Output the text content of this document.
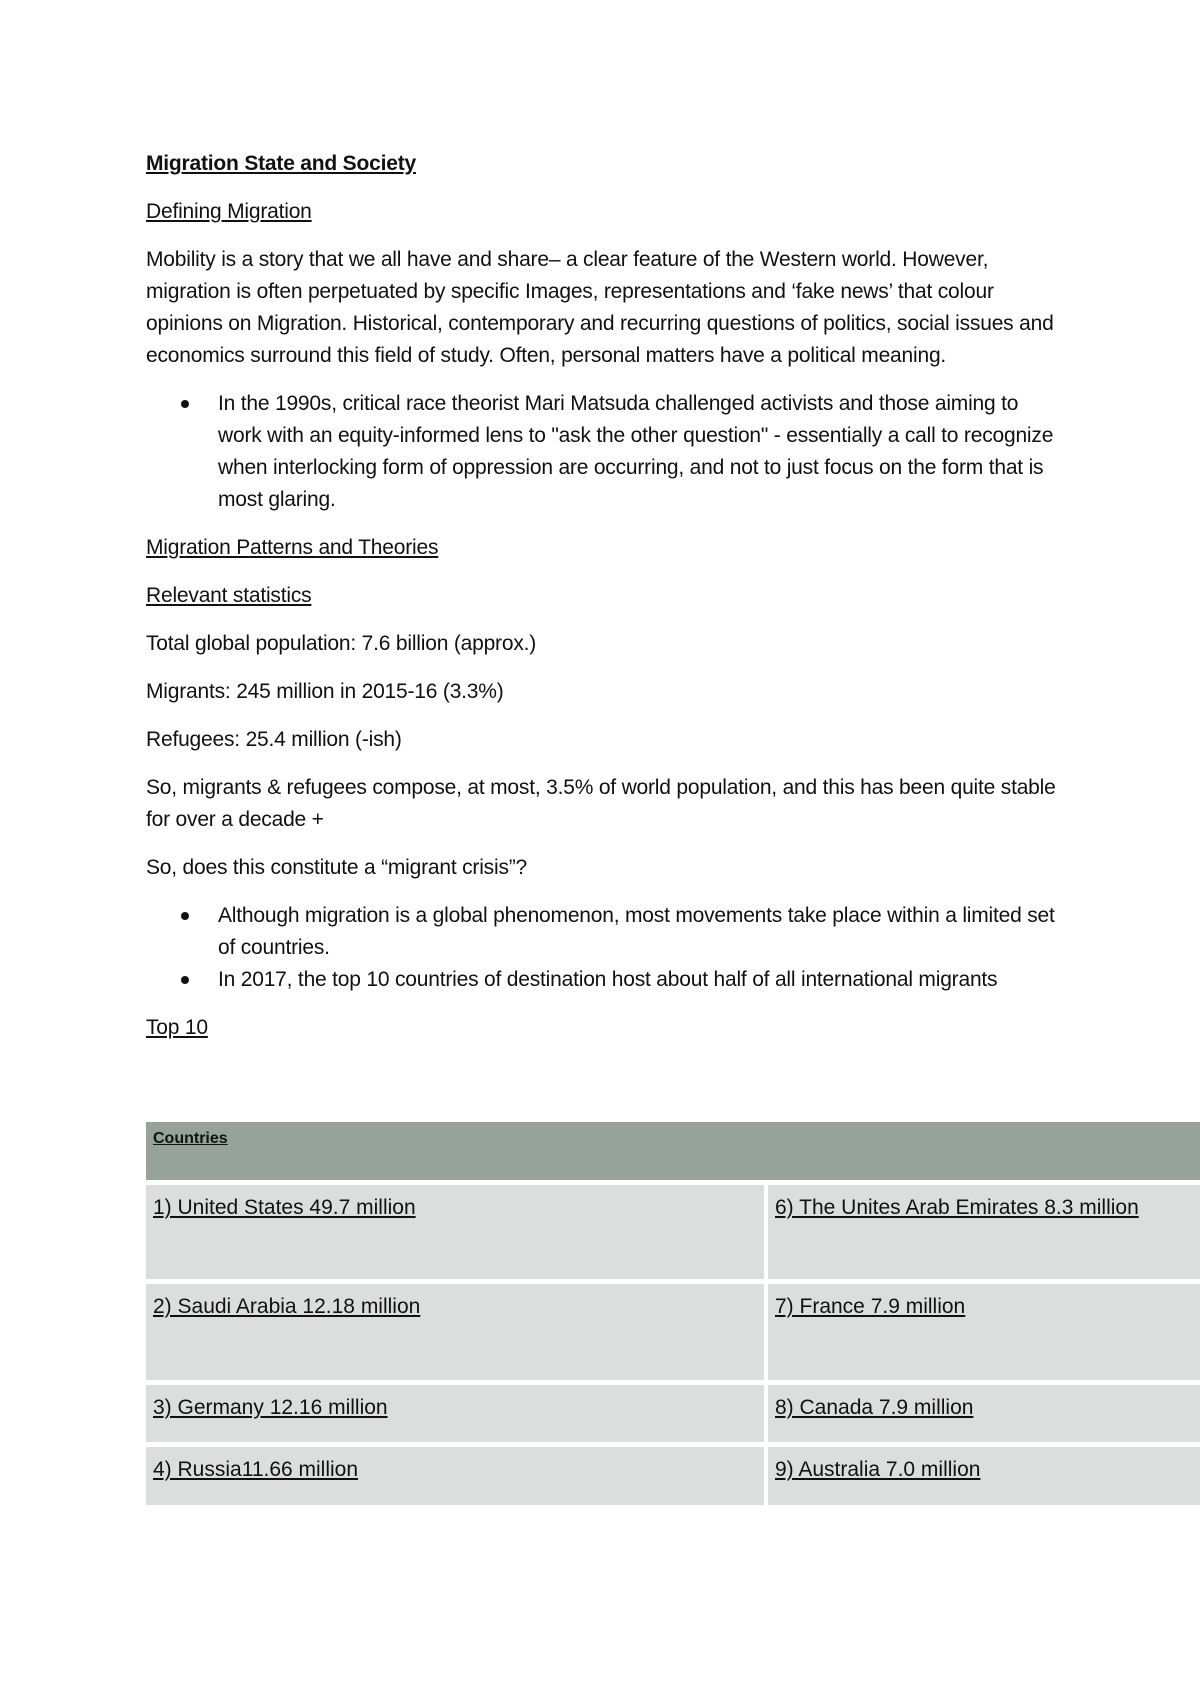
Migration State and Society
Defining Migration
Mobility is a story that we all have and share– a clear feature of the Western world. However, migration is often perpetuated by specific Images, representations and ‘fake news’ that colour opinions on Migration. Historical, contemporary and recurring questions of politics, social issues and economics surround this field of study. Often, personal matters have a political meaning.
In the 1990s, critical race theorist Mari Matsuda challenged activists and those aiming to work with an equity-informed lens to "ask the other question" - essentially a call to recognize when interlocking form of oppression are occurring, and not to just focus on the form that is most glaring.
Migration Patterns and Theories
Relevant statistics
Total global population: 7.6 billion (approx.)
Migrants: 245 million in 2015-16 (3.3%)
Refugees: 25.4 million (-ish)
So, migrants & refugees compose, at most, 3.5% of world population, and this has been quite stable for over a decade +
So, does this constitute a “migrant crisis”?
Although migration is a global phenomenon, most movements take place within a limited set of countries.
In 2017, the top 10 countries of destination host about half of all international migrants
Top 10
Countries
1) United States 49.7 million	6) The Unites Arab Emirates 8.3 million
2) Saudi Arabia 12.18 million	7) France 7.9 million
3) Germany 12.16 million	8) Canada 7.9 million
4) Russia11.66 million	9) Australia 7.0 million
